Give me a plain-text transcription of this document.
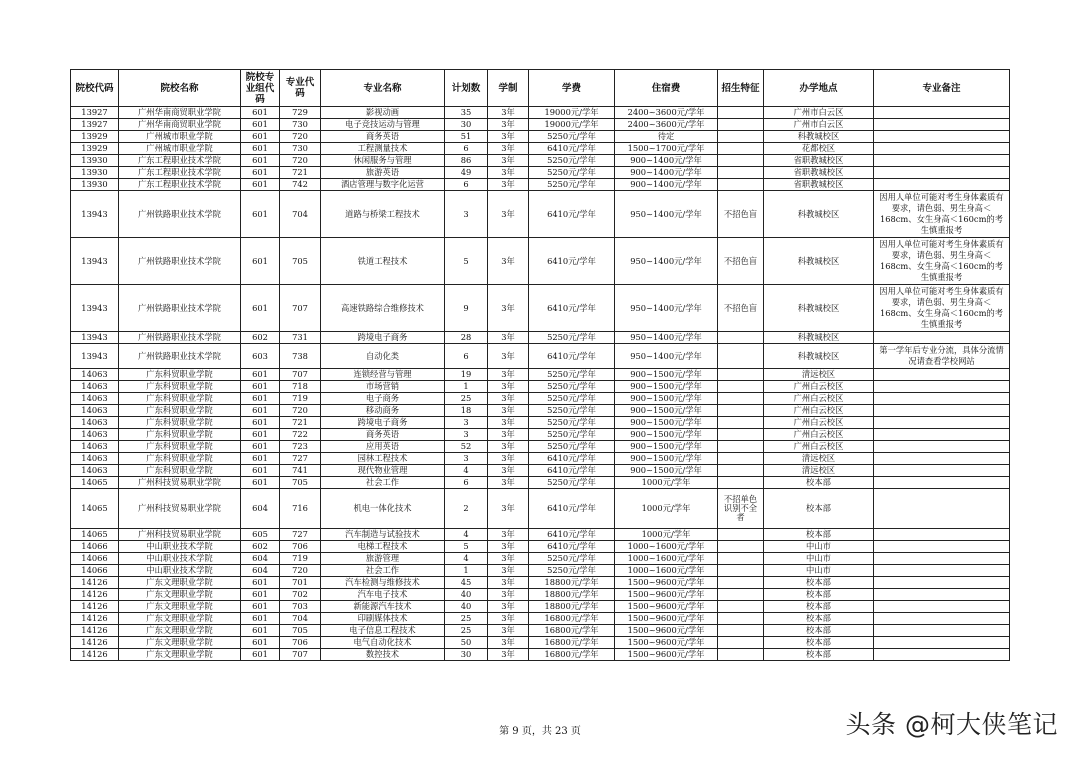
院校代码	院校名称	院校专业组代码	专业代码	专业名称	计划数	学制	学费	住宿费	招生特征	办学地点	专业备注
13927	广州华南商贸职业学院	601	729	影视动画	35	3年	19000元/学年	2400~3600元/学年		广州市白云区	
13927	广州华南商贸职业学院	601	730	电子竞技运动与管理	30	3年	19000元/学年	2400~3600元/学年		广州市白云区	
13929	广州城市职业学院	601	720	商务英语	51	3年	5250元/学年	待定		科教城校区	
13929	广州城市职业学院	601	730	工程测量技术	6	3年	6410元/学年	1500~1700元/学年		花都校区	
13930	广东工程职业技术学院	601	720	休闲服务与管理	86	3年	5250元/学年	900~1400元/学年		省职教城校区	
13930	广东工程职业技术学院	601	721	旅游英语	49	3年	5250元/学年	900~1400元/学年		省职教城校区	
13930	广东工程职业技术学院	601	742	酒店管理与数字化运营	6	3年	5250元/学年	900~1400元/学年		省职教城校区	
13943	广州铁路职业技术学院	601	704	道路与桥梁工程技术	3	3年	6410元/学年	950~1400元/学年	不招色盲	科教城校区	因用人单位可能对考生身体素质有要求，请色弱、男生身高＜168cm、女生身高＜160cm的考生慎重报考
13943	广州铁路职业技术学院	601	705	铁道工程技术	5	3年	6410元/学年	950~1400元/学年	不招色盲	科教城校区	因用人单位可能对考生身体素质有要求，请色弱、男生身高＜168cm、女生身高＜160cm的考生慎重报考
13943	广州铁路职业技术学院	601	707	高速铁路综合维修技术	9	3年	6410元/学年	950~1400元/学年	不招色盲	科教城校区	因用人单位可能对考生身体素质有要求，请色弱、男生身高＜168cm、女生身高＜160cm的考生慎重报考
13943	广州铁路职业技术学院	602	731	跨境电子商务	28	3年	5250元/学年	950~1400元/学年		科教城校区	
13943	广州铁路职业技术学院	603	738	自动化类	6	3年	6410元/学年	950~1400元/学年		科教城校区	第一学年后专业分流，具体分流情况请查看学校网站
14063	广东科贸职业学院	601	707	连锁经营与管理	19	3年	5250元/学年	900~1500元/学年		清远校区	
14063	广东科贸职业学院	601	718	市场营销	1	3年	5250元/学年	900~1500元/学年		广州白云校区	
14063	广东科贸职业学院	601	719	电子商务	25	3年	5250元/学年	900~1500元/学年		广州白云校区	
14063	广东科贸职业学院	601	720	移动商务	18	3年	5250元/学年	900~1500元/学年		广州白云校区	
14063	广东科贸职业学院	601	721	跨境电子商务	3	3年	5250元/学年	900~1500元/学年		广州白云校区	
14063	广东科贸职业学院	601	722	商务英语	3	3年	5250元/学年	900~1500元/学年		广州白云校区	
14063	广东科贸职业学院	601	723	应用英语	52	3年	5250元/学年	900~1500元/学年		广州白云校区	
14063	广东科贸职业学院	601	727	园林工程技术	3	3年	6410元/学年	900~1500元/学年		清远校区	
14063	广东科贸职业学院	601	741	现代物业管理	4	3年	6410元/学年	900~1500元/学年		清远校区	
14065	广州科技贸易职业学院	601	705	社会工作	6	3年	5250元/学年	1000元/学年		校本部	
14065	广州科技贸易职业学院	604	716	机电一体化技术	2	3年	6410元/学年	1000元/学年	不招单色识别不全者	校本部	
14065	广州科技贸易职业学院	605	727	汽车制造与试验技术	4	3年	6410元/学年	1000元/学年		校本部	
14066	中山职业技术学院	602	706	电梯工程技术	5	3年	6410元/学年	1000~1600元/学年		中山市	
14066	中山职业技术学院	604	719	旅游管理	4	3年	5250元/学年	1000~1600元/学年		中山市	
14066	中山职业技术学院	604	720	社会工作	1	3年	5250元/学年	1000~1600元/学年		中山市	
14126	广东文理职业学院	601	701	汽车检测与维修技术	45	3年	18800元/学年	1500~9600元/学年		校本部	
14126	广东文理职业学院	601	702	汽车电子技术	40	3年	18800元/学年	1500~9600元/学年		校本部	
14126	广东文理职业学院	601	703	新能源汽车技术	40	3年	18800元/学年	1500~9600元/学年		校本部	
14126	广东文理职业学院	601	704	印刷媒体技术	25	3年	16800元/学年	1500~9600元/学年		校本部	
14126	广东文理职业学院	601	705	电子信息工程技术	25	3年	16800元/学年	1500~9600元/学年		校本部	
14126	广东文理职业学院	601	706	电气自动化技术	50	3年	16800元/学年	1500~9600元/学年		校本部	
14126	广东文理职业学院	601	707	数控技术	30	3年	16800元/学年	1500~9600元/学年		校本部	
第 9 页，共 23 页	头条 @柯大侠笔记
